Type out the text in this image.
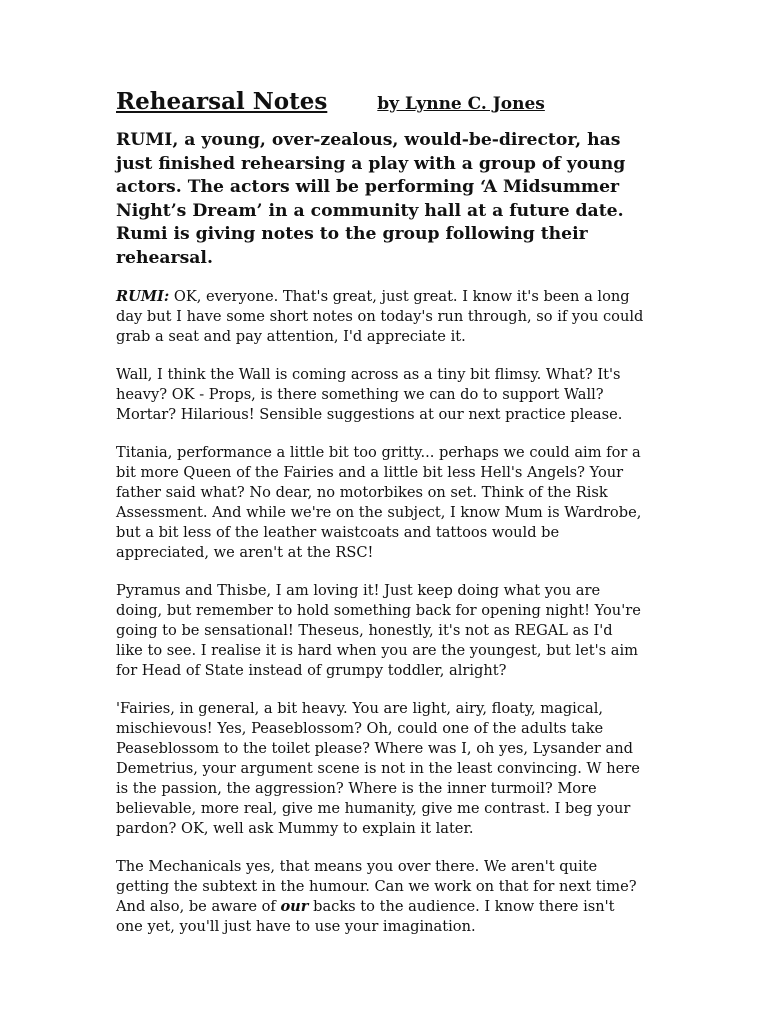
Rehearsal Notes	by Lynne C. Jones

RUMI, a young, over-zealous, would-be-director, has just finished rehearsing a play with a group of young actors. The actors will be performing ‘A Midsummer Night’s Dream’ in a community hall at a future date. Rumi is giving notes to the group following their rehearsal.

RUMI: OK, everyone. That's great, just great. I know it's been a long day but I have some short notes on today's run through, so if you could grab a seat and pay attention, I'd appreciate it.

Wall, I think the Wall is coming across as a tiny bit flimsy. What? It's heavy? OK - Props, is there something we can do to support Wall? Mortar? Hilarious! Sensible suggestions at our next practice please.

Titania, performance a little bit too gritty... perhaps we could aim for a bit more Queen of the Fairies and a little bit less Hell's Angels? Your father said what? No dear, no motorbikes on set. Think of the Risk Assessment. And while we're on the subject, I know Mum is Wardrobe, but a bit less of the leather waistcoats and tattoos would be appreciated, we aren't at the RSC!

Pyramus and Thisbe, I am loving it! Just keep doing what you are doing, but remember to hold something back for opening night! You're going to be sensational! Theseus, honestly, it's not as REGAL as I'd like to see. I realise it is hard when you are the youngest, but let's aim for Head of State instead of grumpy toddler, alright?

'Fairies, in general, a bit heavy. You are light, airy, floaty, magical, mischievous! Yes, Peaseblossom? Oh, could one of the adults take Peaseblossom to the toilet please? Where was I, oh yes, Lysander and Demetrius, your argument scene is not in the least convincing. W here is the passion, the aggression? Where is the inner turmoil? More believable, more real, give me humanity, give me contrast. I beg your pardon? OK, well ask Mummy to explain it later.

The Mechanicals yes, that means you over there. We aren't quite getting the subtext in the humour. Can we work on that for next time? And also, be aware of our backs to the audience. I know there isn't one yet, you'll just have to use your imagination.
